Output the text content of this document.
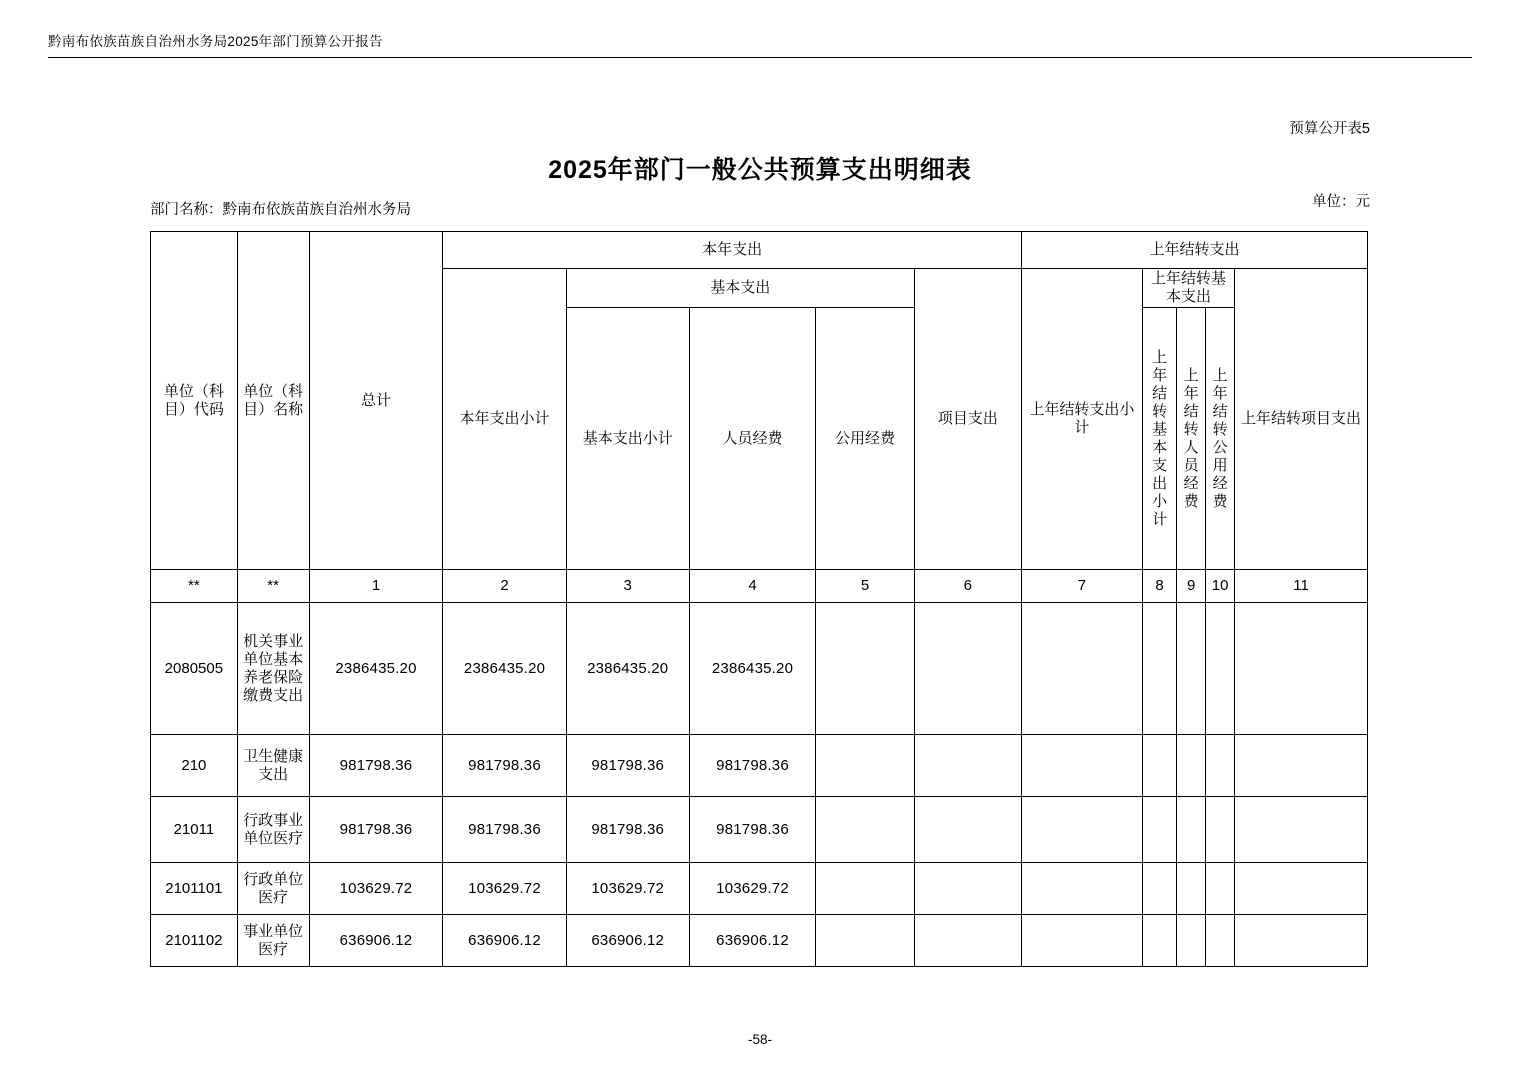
黔南布依族苗族自治州水务局2025年部门预算公开报告
预算公开表5
2025年部门一般公共预算支出明细表
部门名称：黔南布依族苗族自治州水务局	单位：元
单位（科目）代码	单位（科目）名称	总计	本年支出					上年结转支出				
			本年支出小计	基本支出			项目支出	上年结转支出小计	上年结转基本支出			上年结转项目支出
				基本支出小计	人员经费	公用经费			上年结转基本支出小计	上年结转人员经费	上年结转公用经费	

**	**	1	2	3	4	5	6	7	8	9	10	11
2080505	机关事业单位基本养老保险缴费支出	2386435.20	2386435.20	2386435.20	2386435.20							
210	卫生健康支出	981798.36	981798.36	981798.36	981798.36							
21011	行政事业单位医疗	981798.36	981798.36	981798.36	981798.36							
2101101	行政单位医疗	103629.72	103629.72	103629.72	103629.72							
2101102	事业单位医疗	636906.12	636906.12	636906.12	636906.12							
-58-
